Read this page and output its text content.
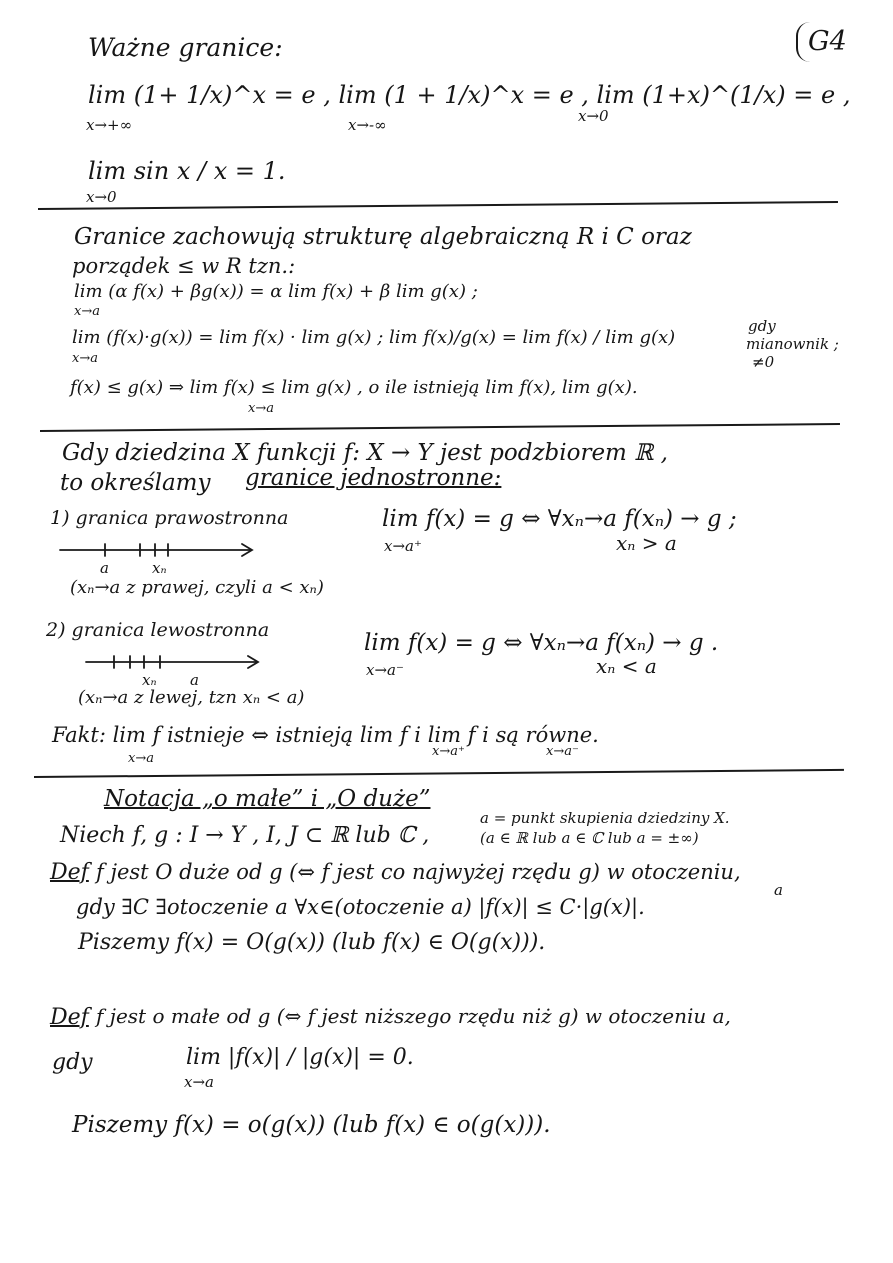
G4
Ważne granice:
lim (1+ 1/x)^x = e , lim (1 + 1/x)^x = e , lim (1+x)^(1/x) = e ,
x→+∞	x→-∞	x→0
lim sin x / x = 1.
x→0
Granice zachowują strukturę algebraiczną R i C oraz
porządek ≤ w R tzn.:
lim (α f(x) + βg(x)) = α lim f(x) + β lim g(x) ;
x→a
lim (f(x)·g(x)) = lim f(x) · lim g(x) ; lim f(x)/g(x) = lim f(x) / lim g(x)
x→a
gdy
mianownik ;
≠0
f(x) ≤ g(x) ⇒ lim f(x) ≤ lim g(x) , o ile istnieją lim f(x), lim g(x).
x→a
Gdy dziedzina X funkcji f: X → Y jest podzbiorem ℝ ,
to określamy granice jednostronne:
1) granica prawostronna	lim f(x) = g ⇔ ∀xₙ→a f(xₙ) → g ;
x→a⁺	xₙ > a
a	xₙ
(xₙ→a z prawej, czyli a < xₙ)
2) granica lewostronna	lim f(x) = g ⇔ ∀xₙ→a f(xₙ) → g .
x→a⁻	xₙ < a
xₙ a
(xₙ→a z lewej, tzn xₙ < a)
Fakt: lim f istnieje ⇔ istnieją lim f i lim f i są równe.
x→a	x→a⁺	x→a⁻
Notacja „o małe” i „O duże”
Niech f, g : I → Y , I, J ⊂ ℝ lub ℂ ,
a = punkt skupienia dziedziny X.
(a ∈ ℝ lub a ∈ ℂ lub a = ±∞)
Def f jest O duże od g (⇔ f jest co najwyżej rzędu g) w otoczeniu,
a
gdy ∃C ∃otoczenie a ∀x∈(otoczenie a) |f(x)| ≤ C·|g(x)|.
Piszemy f(x) = O(g(x)) (lub f(x) ∈ O(g(x))).
Def f jest o małe od g (⇔ f jest niższego rzędu niż g) w otoczeniu a,
gdy	lim |f(x)| / |g(x)| = 0.
x→a
Piszemy f(x) = o(g(x)) (lub f(x) ∈ o(g(x))).
